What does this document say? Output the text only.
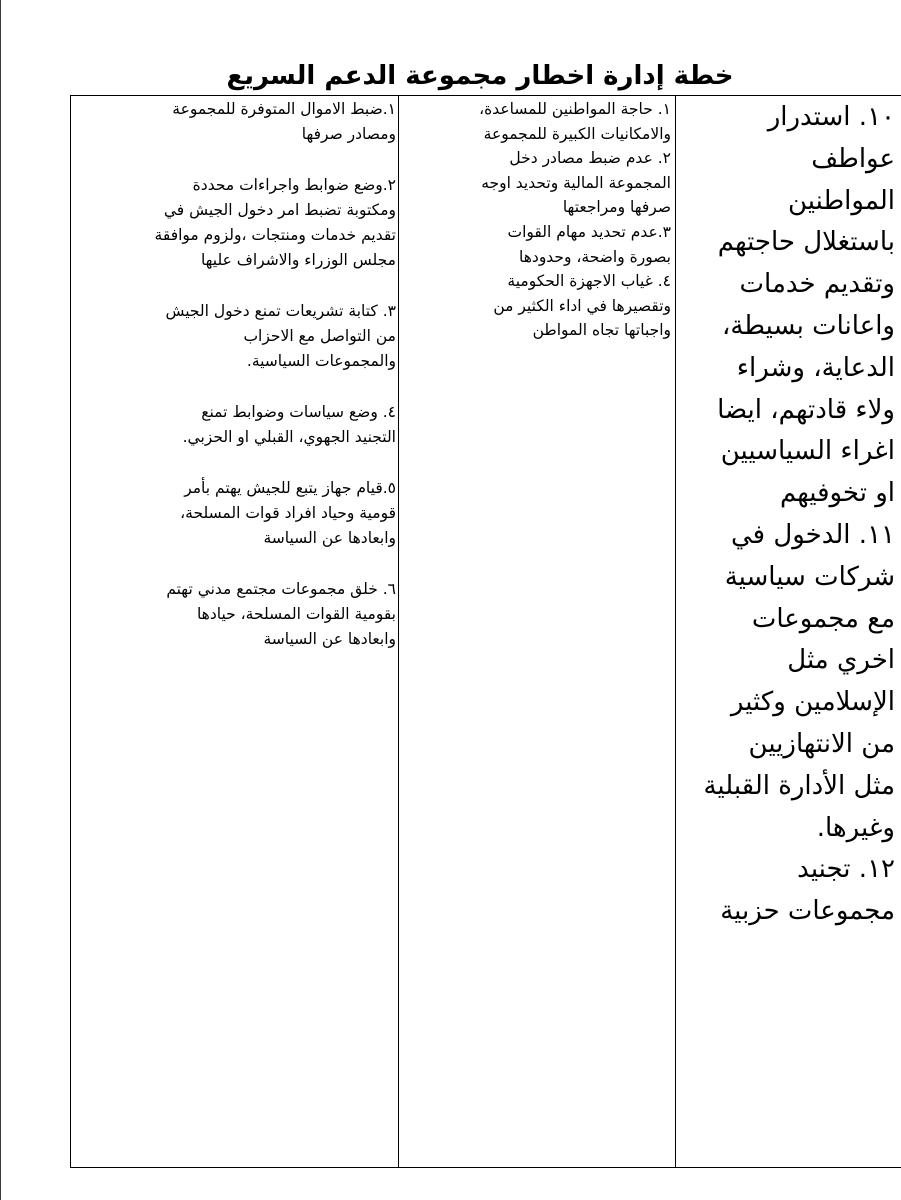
خطة إدارة اخطار مجموعة الدعم السريع
١٠. استدرار
عواطف
المواطنين
باستغلال حاجتهم
وتقديم خدمات
واعانات بسيطة،
الدعاية، وشراء
ولاء قادتهم، ايضا
اغراء السياسيين
او تخوفيهم
١١. الدخول في
شركات سياسية
مع مجموعات
اخري مثل
الإسلامين وكثير
من الانتهازيين
مثل الأدارة القبلية
وغيرها.
١٢. تجنيد
مجموعات حزبية

١. حاجة المواطنين للمساعدة،
والامكانيات الكبيرة للمجموعة

٢. عدم ضبط مصادر دخل
المجموعة المالية وتحديد اوجه
صرفها ومراجعتها

٣.عدم تحديد مهام القوات
بصورة واضحة، وحدودها

٤. غياب الاجهزة الحكومية
وتقصيرها في اداء الكثير من
واجباتها تجاه المواطن

١.ضبط الاموال المتوفرة للمجموعة
ومصادر صرفها

٢.وضع ضوابط واجراءات محددة
ومكتوبة تضبط امر دخول الجيش في
تقديم خدمات ومنتجات ،ولزوم موافقة
مجلس الوزراء والاشراف عليها

٣. كتابة تشريعات تمنع دخول الجيش
من التواصل مع الاحزاب
والمجموعات السياسية.

٤. وضع سياسات وضوابط تمنع
التجنيد الجهوي، القبلي او الحزبي.

٥.قيام جهاز يتبع للجيش يهتم بأمر
قومية وحياد افراد قوات المسلحة،
وابعادها عن السياسة

٦. خلق مجموعات مجتمع مدني تهتم
بقومية القوات المسلحة، حيادها
وابعادها عن السياسة
